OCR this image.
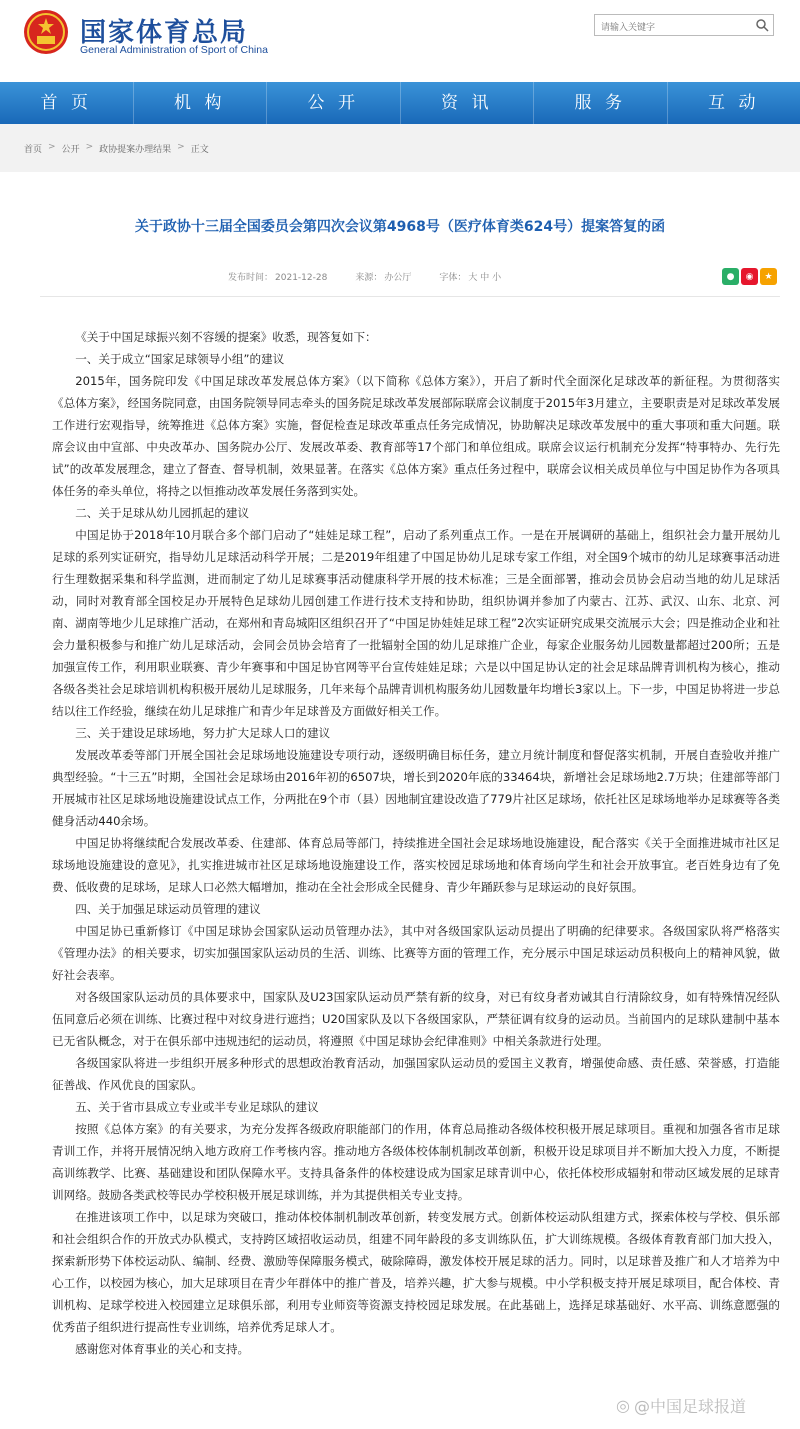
国家体育总局
General Administration of Sport of China
请输入关键字
首 页	机 构	公 开	资 讯	服 务	互 动
首页 > 公开 > 政协提案办理结果 > 正文
关于政协十三届全国委员会第四次会议第4968号（医疗体育类624号）提案答复的函
发布时间： 2021-12-28	来源： 办公厅	字体： 大 中 小	●	◉	★

《关于中国足球振兴刻不容缓的提案》收悉，现答复如下：

一、关于成立“国家足球领导小组”的建议

2015年，国务院印发《中国足球改革发展总体方案》（以下简称《总体方案》），开启了新时代全面深化足球改革的新征程。为贯彻落实《总体方案》，经国务院同意，由国务院领导同志牵头的国务院足球改革发展部际联席会议制度于2015年3月建立，主要职责是对足球改革发展工作进行宏观指导，统筹推进《总体方案》实施，督促检查足球改革重点任务完成情况，协助解决足球改革发展中的重大事项和重大问题。联席会议由中宣部、中央改革办、国务院办公厅、发展改革委、教育部等17个部门和单位组成。联席会议运行机制充分发挥“特事特办、先行先试”的改革发展理念，建立了督查、督导机制，效果显著。在落实《总体方案》重点任务过程中，联席会议相关成员单位与中国足协作为各项具体任务的牵头单位，将持之以恒推动改革发展任务落到实处。

二、关于足球从幼儿园抓起的建议

中国足协于2018年10月联合多个部门启动了“娃娃足球工程”，启动了系列重点工作。一是在开展调研的基础上，组织社会力量开展幼儿足球的系列实证研究，指导幼儿足球活动科学开展；二是2019年组建了中国足协幼儿足球专家工作组，对全国9个城市的幼儿足球赛事活动进行生理数据采集和科学监测，进而制定了幼儿足球赛事活动健康科学开展的技术标准；三是全面部署，推动会员协会启动当地的幼儿足球活动，同时对教育部全国校足办开展特色足球幼儿园创建工作进行技术支持和协助，组织协调并参加了内蒙古、江苏、武汉、山东、北京、河南、湖南等地少儿足球推广活动，在郑州和青岛城阳区组织召开了“中国足协娃娃足球工程”2次实证研究成果交流展示大会；四是推动企业和社会力量积极参与和推广幼儿足球活动，会同会员协会培育了一批辐射全国的幼儿足球推广企业，每家企业服务幼儿园数量都超过200所；五是加强宣传工作，利用职业联赛、青少年赛事和中国足协官网等平台宣传娃娃足球；六是以中国足协认定的社会足球品牌青训机构为核心，推动各级各类社会足球培训机构积极开展幼儿足球服务，几年来每个品牌青训机构服务幼儿园数量年均增长3家以上。下一步，中国足协将进一步总结以往工作经验，继续在幼儿足球推广和青少年足球普及方面做好相关工作。

三、关于建设足球场地，努力扩大足球人口的建议

发展改革委等部门开展全国社会足球场地设施建设专项行动，逐级明确目标任务，建立月统计制度和督促落实机制，开展自查验收并推广典型经验。“十三五”时期，全国社会足球场由2016年初的6507块，增长到2020年底的33464块，新增社会足球场地2.7万块；住建部等部门开展城市社区足球场地设施建设试点工作，分两批在9个市（县）因地制宜建设改造了779片社区足球场，依托社区足球场地举办足球赛等各类健身活动440余场。

中国足协将继续配合发展改革委、住建部、体育总局等部门，持续推进全国社会足球场地设施建设，配合落实《关于全面推进城市社区足球场地设施建设的意见》，扎实推进城市社区足球场地设施建设工作，落实校园足球场地和体育场向学生和社会开放事宜。老百姓身边有了免费、低收费的足球场，足球人口必然大幅增加，推动在全社会形成全民健身、青少年踊跃参与足球运动的良好氛围。

四、关于加强足球运动员管理的建议

中国足协已重新修订《中国足球协会国家队运动员管理办法》，其中对各级国家队运动员提出了明确的纪律要求。各级国家队将严格落实《管理办法》的相关要求，切实加强国家队运动员的生活、训练、比赛等方面的管理工作，充分展示中国足球运动员积极向上的精神风貌，做好社会表率。

对各级国家队运动员的具体要求中，国家队及U23国家队运动员严禁有新的纹身，对已有纹身者劝诫其自行清除纹身，如有特殊情况经队伍同意后必须在训练、比赛过程中对纹身进行遮挡；U20国家队及以下各级国家队，严禁征调有纹身的运动员。当前国内的足球队建制中基本已无省队概念，对于在俱乐部中违规违纪的运动员，将遵照《中国足球协会纪律准则》中相关条款进行处理。

各级国家队将进一步组织开展多种形式的思想政治教育活动，加强国家队运动员的爱国主义教育，增强使命感、责任感、荣誉感，打造能征善战、作风优良的国家队。

五、关于省市县成立专业或半专业足球队的建议

按照《总体方案》的有关要求，为充分发挥各级政府职能部门的作用，体育总局推动各级体校积极开展足球项目。重视和加强各省市足球青训工作，并将开展情况纳入地方政府工作考核内容。推动地方各级体校体制机制改革创新，积极开设足球项目并不断加大投入力度，不断提高训练教学、比赛、基础建设和团队保障水平。支持具备条件的体校建设成为国家足球青训中心，依托体校形成辐射和带动区域发展的足球青训网络。鼓励各类武校等民办学校积极开展足球训练，并为其提供相关专业支持。

在推进该项工作中，以足球为突破口，推动体校体制机制改革创新，转变发展方式。创新体校运动队组建方式，探索体校与学校、俱乐部和社会组织合作的开放式办队模式，支持跨区域招收运动员，组建不同年龄段的多支训练队伍，扩大训练规模。各级体育教育部门加大投入，探索新形势下体校运动队、编制、经费、激励等保障服务模式，破除障碍，激发体校开展足球的活力。同时，以足球普及推广和人才培养为中心工作，以校园为核心，加大足球项目在青少年群体中的推广普及，培养兴趣，扩大参与规模。中小学积极支持开展足球项目，配合体校、青训机构、足球学校进入校园建立足球俱乐部，利用专业师资等资源支持校园足球发展。在此基础上，选择足球基础好、水平高、训练意愿强的优秀苗子组织进行提高性专业训练，培养优秀足球人才。

感谢您对体育事业的关心和支持。

◎ @中国足球报道
